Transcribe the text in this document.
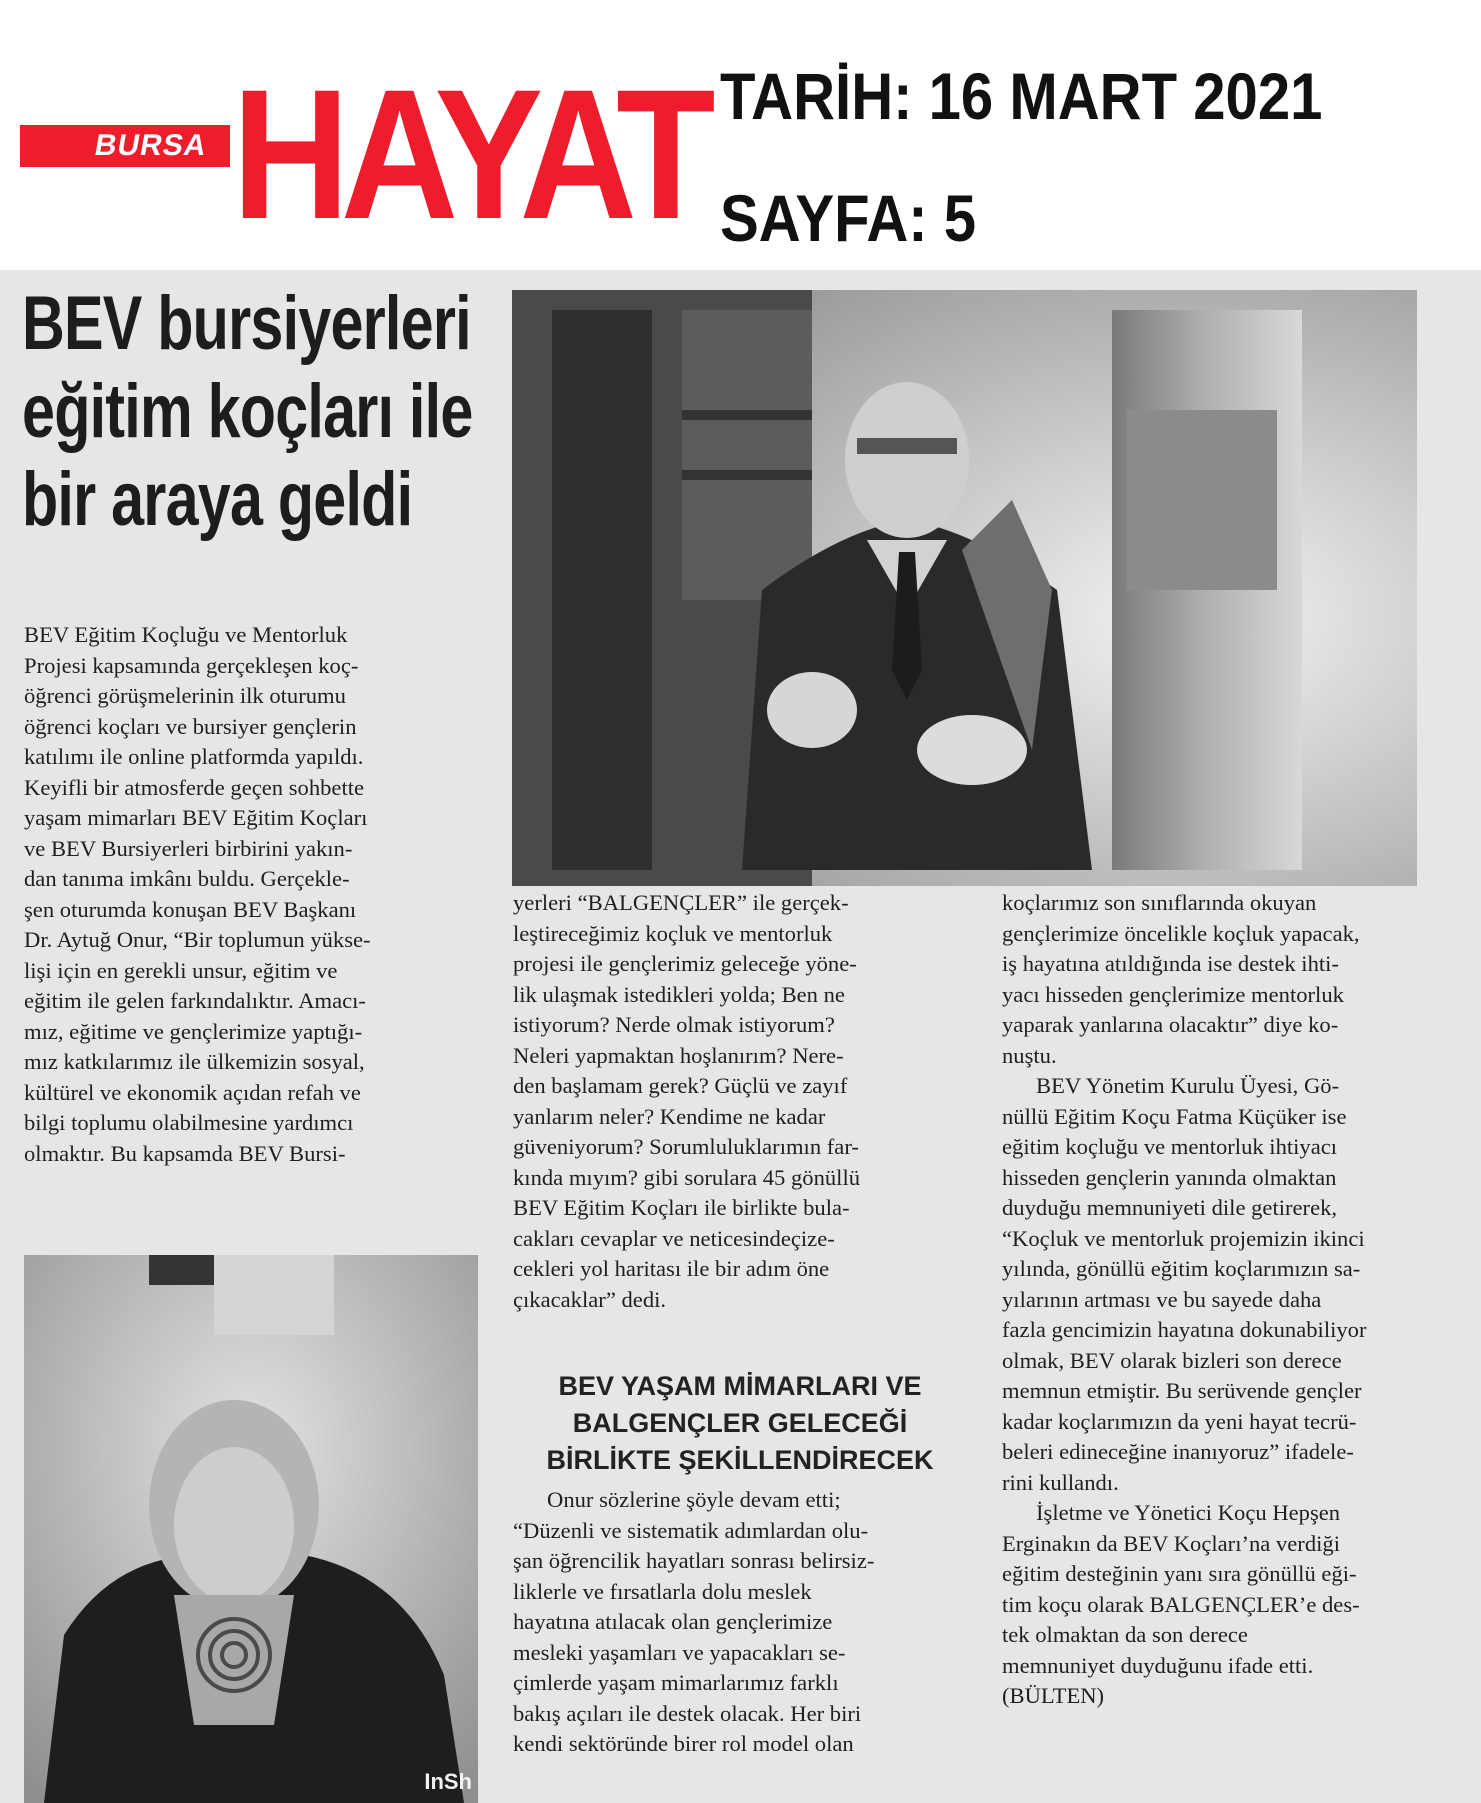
BURSA HAYAT TARİH: 16 MART 2021
SAYFA: 5
BEV bursiyerleri
eğitim koçları ile
bir araya geldi
BEV Eğitim Koçluğu ve Mentorluk
Projesi kapsamında gerçekleşen koç-
öğrenci görüşmelerinin ilk oturumu
öğrenci koçları ve bursiyer gençlerin
katılımı ile online platformda yapıldı.
Keyifli bir atmosferde geçen sohbette
yaşam mimarları BEV Eğitim Koçları
ve BEV Bursiyerleri birbirini yakın-
dan tanıma imkânı buldu. Gerçekle-
şen oturumda konuşan BEV Başkanı
Dr. Aytuğ Onur, “Bir toplumun yükse-
lişi için en gerekli unsur, eğitim ve
eğitim ile gelen farkındalıktır. Amacı-
mız, eğitime ve gençlerimize yaptığı-
mız katkılarımız ile ülkemizin sosyal,
kültürel ve ekonomik açıdan refah ve
bilgi toplumu olabilmesine yardımcı
olmaktır. Bu kapsamda BEV Bursi-
InSh
yerleri “BALGENÇLER” ile gerçek-
leştireceğimiz koçluk ve mentorluk
projesi ile gençlerimiz geleceğe yöne-
lik ulaşmak istedikleri yolda; Ben ne
istiyorum? Nerde olmak istiyorum?
Neleri yapmaktan hoşlanırım? Nere-
den başlamam gerek? Güçlü ve zayıf
yanlarım neler? Kendime ne kadar
güveniyorum? Sorumluluklarımın far-
kında mıyım? gibi sorulara 45 gönüllü
BEV Eğitim Koçları ile birlikte bula-
cakları cevaplar ve neticesindeçize-
cekleri yol haritası ile bir adım öne
çıkacaklar” dedi.
BEV YAŞAM MİMARLARI VE
BALGENÇLER GELECEĞİ
BİRLİKTE ŞEKİLLENDİRECEK
Onur sözlerine şöyle devam etti;
“Düzenli ve sistematik adımlardan olu-
şan öğrencilik hayatları sonrası belirsiz-
liklerle ve fırsatlarla dolu meslek
hayatına atılacak olan gençlerimize
mesleki yaşamları ve yapacakları se-
çimlerde yaşam mimarlarımız farklı
bakış açıları ile destek olacak. Her biri
kendi sektöründe birer rol model olan
koçlarımız son sınıflarında okuyan
gençlerimize öncelikle koçluk yapacak,
iş hayatına atıldığında ise destek ihti-
yacı hisseden gençlerimize mentorluk
yaparak yanlarına olacaktır” diye ko-
nuştu.
BEV Yönetim Kurulu Üyesi, Gö-
nüllü Eğitim Koçu Fatma Küçüker ise
eğitim koçluğu ve mentorluk ihtiyacı
hisseden gençlerin yanında olmaktan
duyduğu memnuniyeti dile getirerek,
“Koçluk ve mentorluk projemizin ikinci
yılında, gönüllü eğitim koçlarımızın sa-
yılarının artması ve bu sayede daha
fazla gencimizin hayatına dokunabiliyor
olmak, BEV olarak bizleri son derece
memnun etmiştir. Bu serüvende gençler
kadar koçlarımızın da yeni hayat tecrü-
beleri edineceğine inanıyoruz” ifadele-
rini kullandı.
İşletme ve Yönetici Koçu Hepşen
Erginakın da BEV Koçları’na verdiği
eğitim desteğinin yanı sıra gönüllü eği-
tim koçu olarak BALGENÇLER’e des-
tek olmaktan da son derece
memnuniyet duyduğunu ifade etti.
(BÜLTEN)
